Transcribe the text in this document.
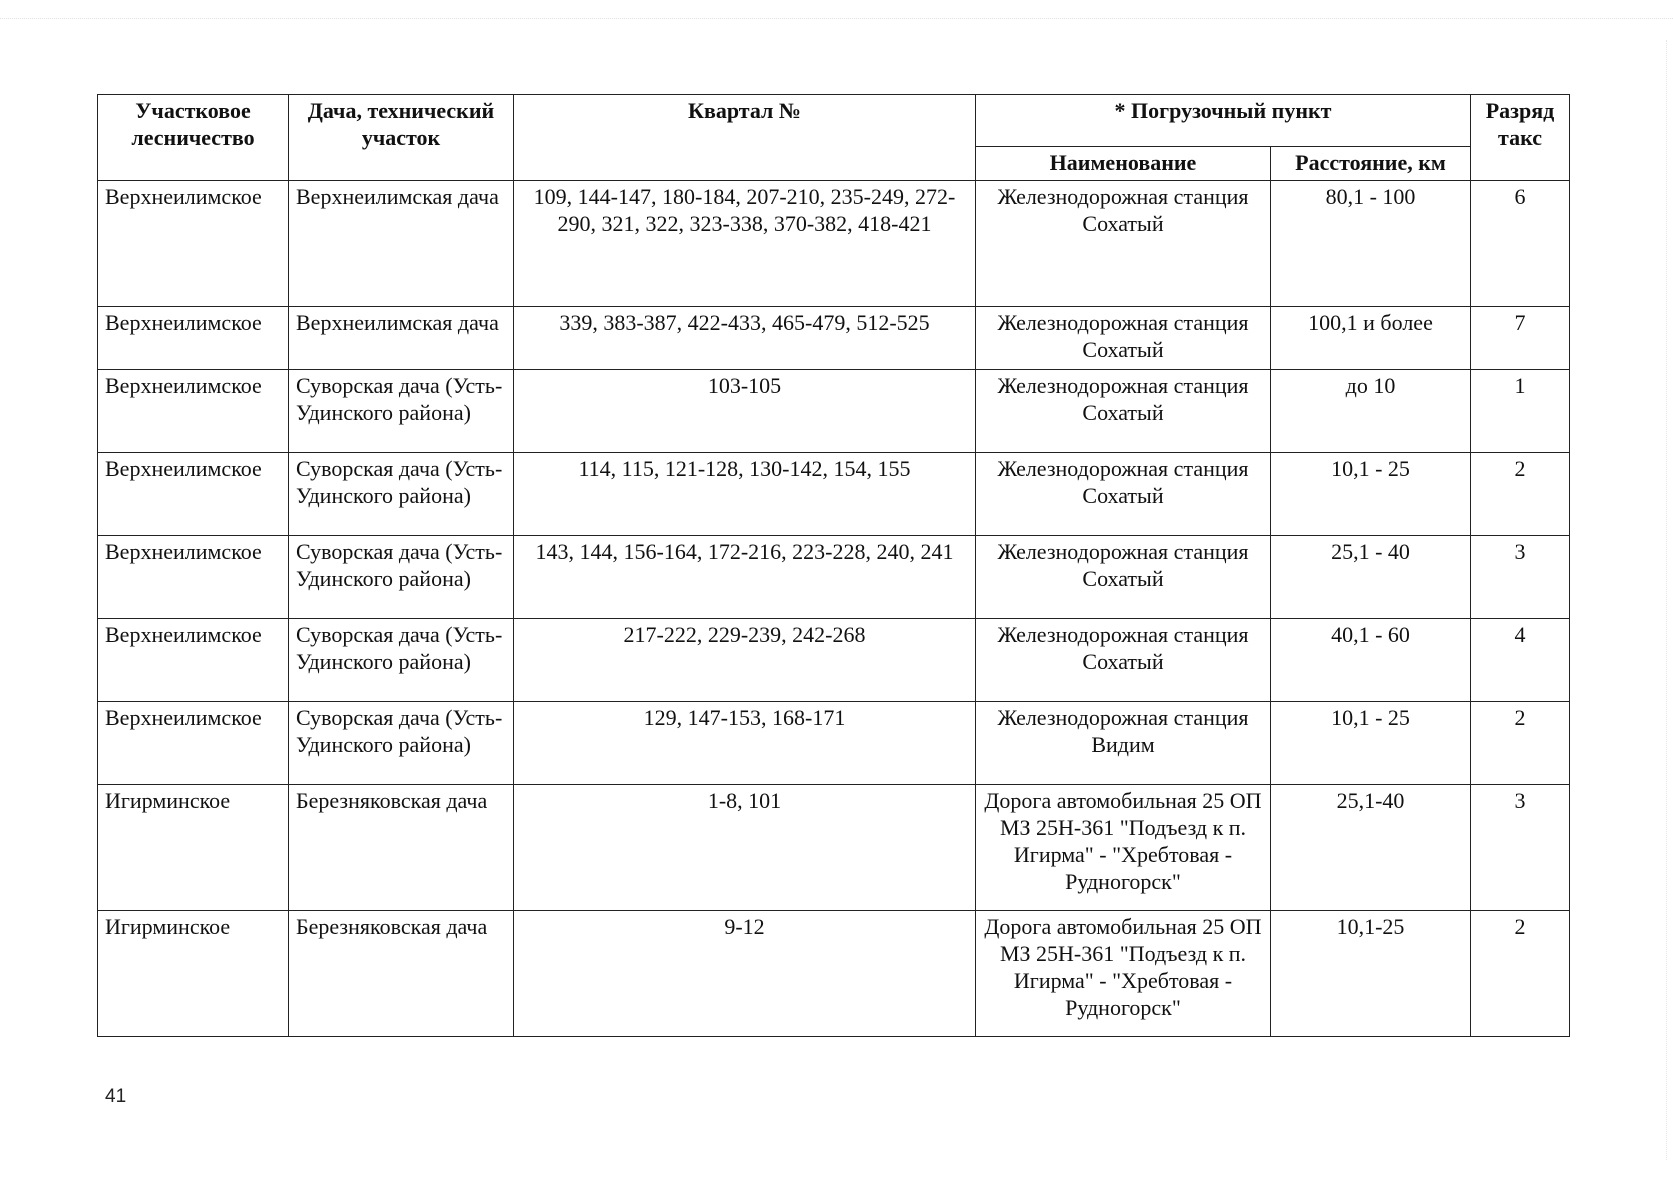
Участковое лесничество	Дача, технический участок	Квартал №	* Погрузочный пункт		Разряд такс
			Наименование	Расстояние, км	
Верхнеилимское	Верхнеилимская дача	109, 144-147, 180-184, 207-210, 235-249, 272-290, 321, 322, 323-338, 370-382, 418-421	Железнодорожная станция Сохатый	80,1 - 100	6
Верхнеилимское	Верхнеилимская дача	339, 383-387, 422-433, 465-479, 512-525	Железнодорожная станция Сохатый	100,1 и более	7
Верхнеилимское	Суворская дача (Усть-Удинского района)	103-105	Железнодорожная станция Сохатый	до 10	1
Верхнеилимское	Суворская дача (Усть-Удинского района)	114, 115, 121-128, 130-142, 154, 155	Железнодорожная станция Сохатый	10,1 - 25	2
Верхнеилимское	Суворская дача (Усть-Удинского района)	143, 144, 156-164, 172-216, 223-228, 240, 241	Железнодорожная станция Сохатый	25,1 - 40	3
Верхнеилимское	Суворская дача (Усть-Удинского района)	217-222, 229-239, 242-268	Железнодорожная станция Сохатый	40,1 - 60	4
Верхнеилимское	Суворская дача (Усть-Удинского района)	129, 147-153, 168-171	Железнодорожная станция Видим	10,1 - 25	2
Игирминское	Березняковская дача	1-8, 101	Дорога автомобильная 25 ОП МЗ 25Н-361 "Подъезд к п. Игирма" - "Хребтовая - Рудногорск"	25,1-40	3
Игирминское	Березняковская дача	9-12	Дорога автомобильная 25 ОП МЗ 25Н-361 "Подъезд к п. Игирма" - "Хребтовая - Рудногорск"	10,1-25	2
41
